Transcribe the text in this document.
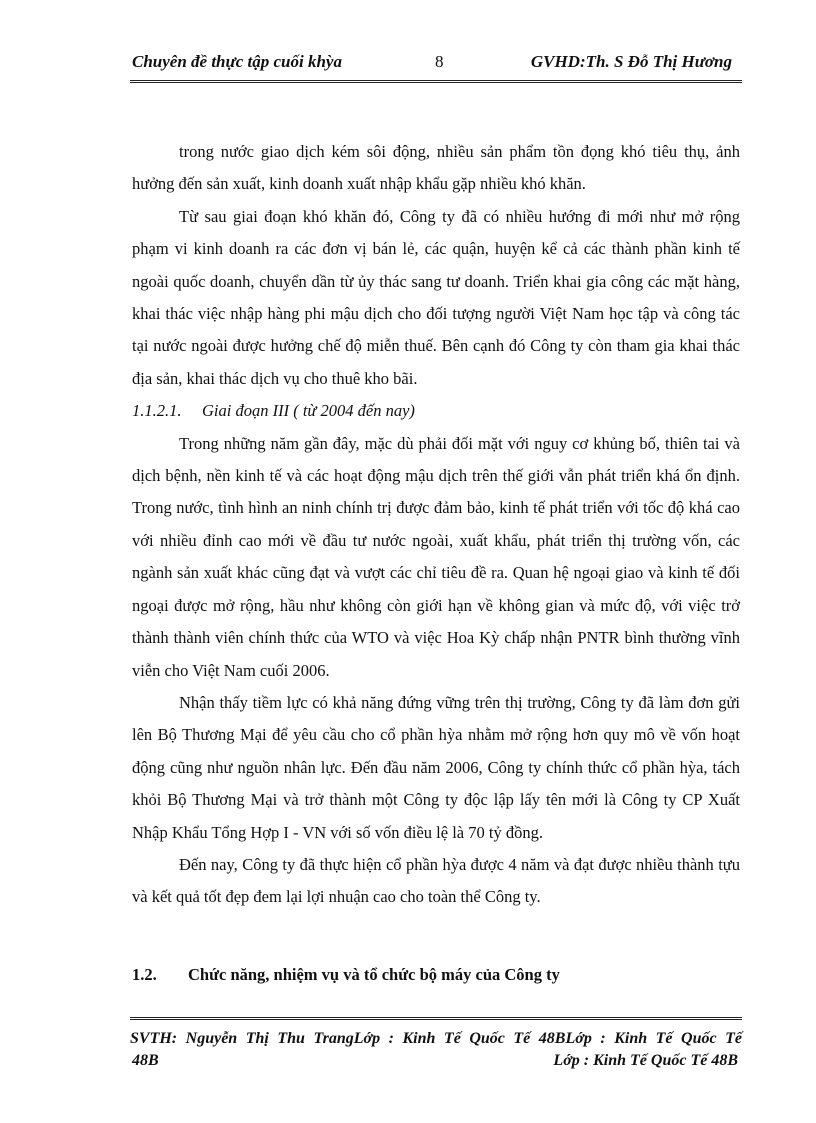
Chuyên đề thực tập cuối khỳa	8	GVHD:Th. S Đỗ Thị Hương

trong nước giao dịch kém sôi động, nhiều sản phẩm tồn đọng khó tiêu thụ, ảnh hưởng đến sản xuất, kinh doanh xuất nhập khẩu gặp nhiều khó khăn.

Từ sau giai đoạn khó khăn đó, Công ty đã có nhiều hướng đi mới như mở rộng phạm vi kinh doanh ra các đơn vị bán lẻ, các quận, huyện kể cả các thành phần kinh tế ngoài quốc doanh, chuyển dần từ ủy thác sang tư doanh. Triển khai gia công các mặt hàng, khai thác việc nhập hàng phi mậu dịch cho đối tượng người Việt Nam học tập và công tác tại nước ngoài được hưởng chế độ miễn thuế. Bên cạnh đó Công ty còn tham gia khai thác địa sản, khai thác dịch vụ cho thuê kho bãi.

1.1.2.1. Giai đoạn III ( từ 2004 đến nay)

Trong những năm gần đây, mặc dù phải đối mặt với nguy cơ khủng bố, thiên tai và dịch bệnh, nền kinh tế và các hoạt động mậu dịch trên thế giới vẫn phát triển khá ổn định. Trong nước, tình hình an ninh chính trị được đảm bảo, kinh tế phát triển với tốc độ khá cao với nhiều đỉnh cao mới về đầu tư nước ngoài, xuất khẩu, phát triển thị trường vốn, các ngành sản xuất khác cũng đạt và vượt các chỉ tiêu đề ra. Quan hệ ngoại giao và kinh tế đối ngoại được mở rộng, hầu như không còn giới hạn về không gian và mức độ, với việc trở thành thành viên chính thức của WTO và việc Hoa Kỳ chấp nhận PNTR bình thường vĩnh viễn cho Việt Nam cuối 2006.

Nhận thấy tiềm lực có khả năng đứng vững trên thị trường, Công ty đã làm đơn gửi lên Bộ Thương Mại để yêu cầu cho cổ phần hỳa nhằm mở rộng hơn quy mô về vốn hoạt động cũng như nguồn nhân lực. Đến đầu năm 2006, Công ty chính thức cổ phần hỳa, tách khỏi Bộ Thương Mại và trở thành một Công ty độc lập lấy tên mới là Công ty CP Xuất Nhập Khẩu Tổng Hợp I - VN với số vốn điều lệ là 70 tỷ đồng.

Đến nay, Công ty đã thực hiện cổ phần hỳa được 4 năm và đạt được nhiều thành tựu và kết quả tốt đẹp đem lại lợi nhuận cao cho toàn thể Công ty.

1.2. Chức năng, nhiệm vụ và tổ chức bộ máy của Công ty
SVTH: Nguyễn Thị Thu TrangLớp : Kinh Tế Quốc Tế 48BLớp : Kinh Tế Quốc Tế
48B	Lớp : Kinh Tế Quốc Tế 48B
